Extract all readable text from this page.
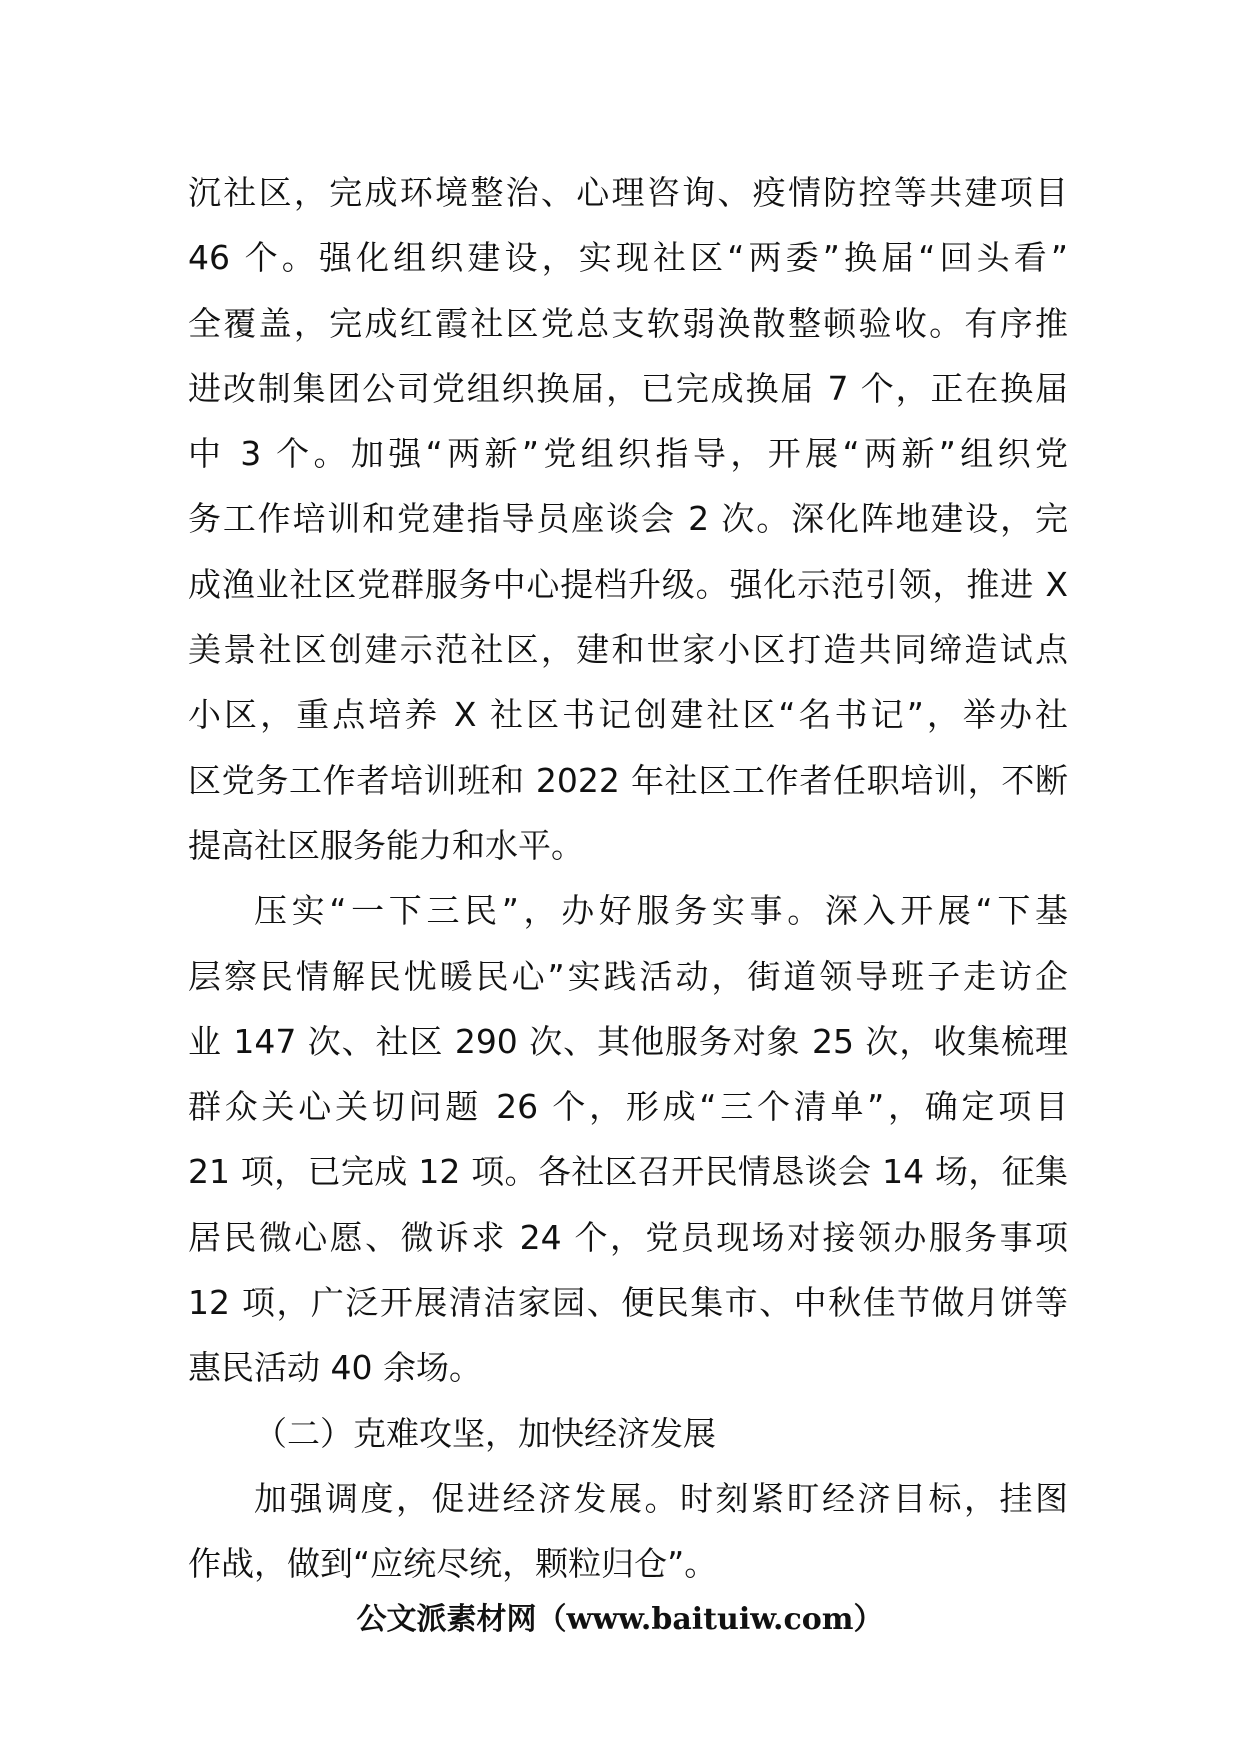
沉社区，完成环境整治、心理咨询、疫情防控等共建项目
46 个。强化组织建设，实现社区“两委”换届“回头看”
全覆盖，完成红霞社区党总支软弱涣散整顿验收。有序推
进改制集团公司党组织换届，已完成换届 7 个，正在换届
中 3 个。加强“两新”党组织指导，开展“两新”组织党
务工作培训和党建指导员座谈会 2 次。深化阵地建设，完
成渔业社区党群服务中心提档升级。强化示范引领，推进 X
美景社区创建示范社区，建和世家小区打造共同缔造试点
小区，重点培养 X 社区书记创建社区“名书记”，举办社
区党务工作者培训班和 2022 年社区工作者任职培训，不断
提高社区服务能力和水平。
压实“一下三民”，办好服务实事。深入开展“下基
层察民情解民忧暖民心”实践活动，街道领导班子走访企
业 147 次、社区 290 次、其他服务对象 25 次，收集梳理
群众关心关切问题 26 个，形成“三个清单”，确定项目
21 项，已完成 12 项。各社区召开民情恳谈会 14 场，征集
居民微心愿、微诉求 24 个，党员现场对接领办服务事项
12 项，广泛开展清洁家园、便民集市、中秋佳节做月饼等
惠民活动 40 余场。
（二）克难攻坚，加快经济发展
加强调度，促进经济发展。时刻紧盯经济目标，挂图
作战，做到“应统尽统，颗粒归仓”。
公文派素材网（www.baituiw.com）
